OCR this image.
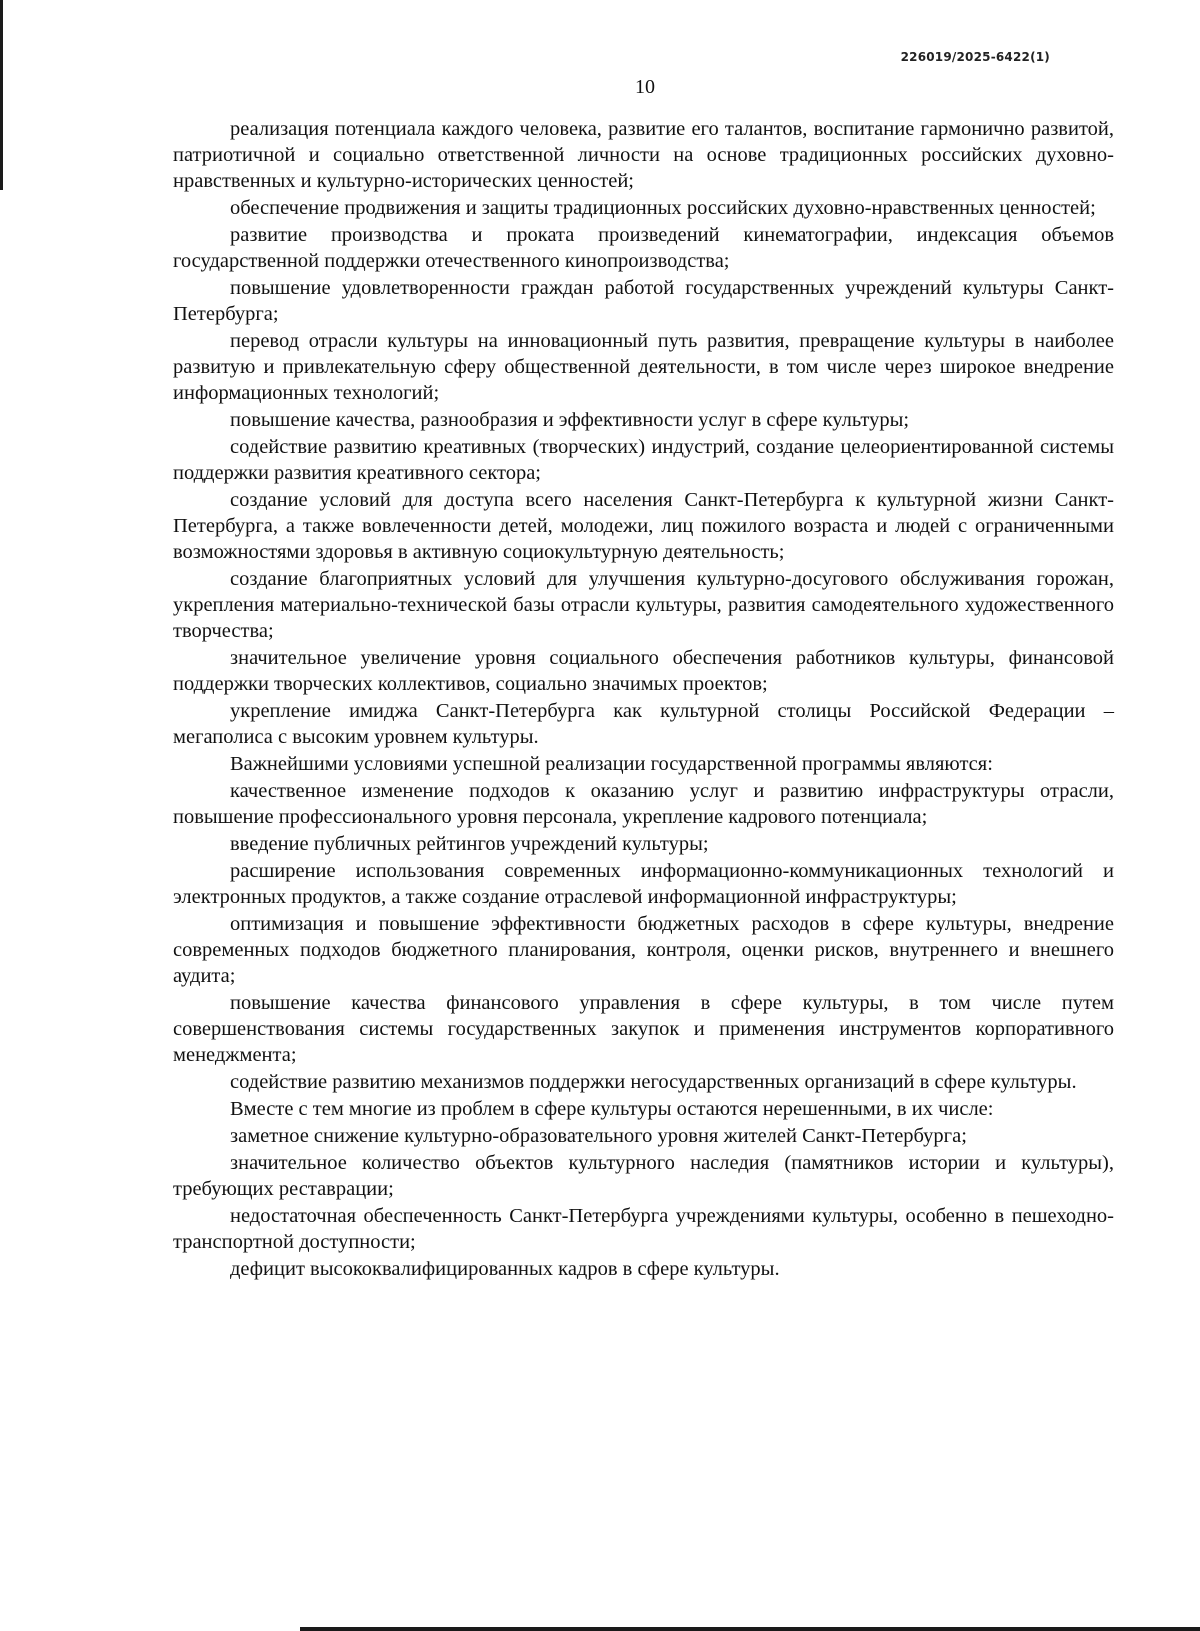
226019/2025-6422(1)
10

реализация потенциала каждого человека, развитие его талантов, воспитание гармонично развитой, патриотичной и социально ответственной личности на основе традиционных российских духовно-нравственных и культурно-исторических ценностей;

обеспечение продвижения и защиты традиционных российских духовно-нравственных ценностей;

развитие производства и проката произведений кинематографии, индексация объемов государственной поддержки отечественного кинопроизводства;

повышение удовлетворенности граждан работой государственных учреждений культуры Санкт-Петербурга;

перевод отрасли культуры на инновационный путь развития, превращение культуры в наиболее развитую и привлекательную сферу общественной деятельности, в том числе через широкое внедрение информационных технологий;

повышение качества, разнообразия и эффективности услуг в сфере культуры;

содействие развитию креативных (творческих) индустрий, создание целеориентированной системы поддержки развития креативного сектора;

создание условий для доступа всего населения Санкт-Петербурга к культурной жизни Санкт-Петербурга, а также вовлеченности детей, молодежи, лиц пожилого возраста и людей с ограниченными возможностями здоровья в активную социокультурную деятельность;

создание благоприятных условий для улучшения культурно-досугового обслуживания горожан, укрепления материально-технической базы отрасли культуры, развития самодеятельного художественного творчества;

значительное увеличение уровня социального обеспечения работников культуры, финансовой поддержки творческих коллективов, социально значимых проектов;

укрепление имиджа Санкт-Петербурга как культурной столицы Российской Федерации – мегаполиса с высоким уровнем культуры.

Важнейшими условиями успешной реализации государственной программы являются:

качественное изменение подходов к оказанию услуг и развитию инфраструктуры отрасли, повышение профессионального уровня персонала, укрепление кадрового потенциала;

введение публичных рейтингов учреждений культуры;

расширение использования современных информационно-коммуникационных технологий и электронных продуктов, а также создание отраслевой информационной инфраструктуры;

оптимизация и повышение эффективности бюджетных расходов в сфере культуры, внедрение современных подходов бюджетного планирования, контроля, оценки рисков, внутреннего и внешнего аудита;

повышение качества финансового управления в сфере культуры, в том числе путем совершенствования системы государственных закупок и применения инструментов корпоративного менеджмента;

содействие развитию механизмов поддержки негосударственных организаций в сфере культуры.

Вместе с тем многие из проблем в сфере культуры остаются нерешенными, в их числе:

заметное снижение культурно-образовательного уровня жителей Санкт-Петербурга;

значительное количество объектов культурного наследия (памятников истории и культуры), требующих реставрации;

недостаточная обеспеченность Санкт-Петербурга учреждениями культуры, особенно в пешеходно-транспортной доступности;

дефицит высококвалифицированных кадров в сфере культуры.
